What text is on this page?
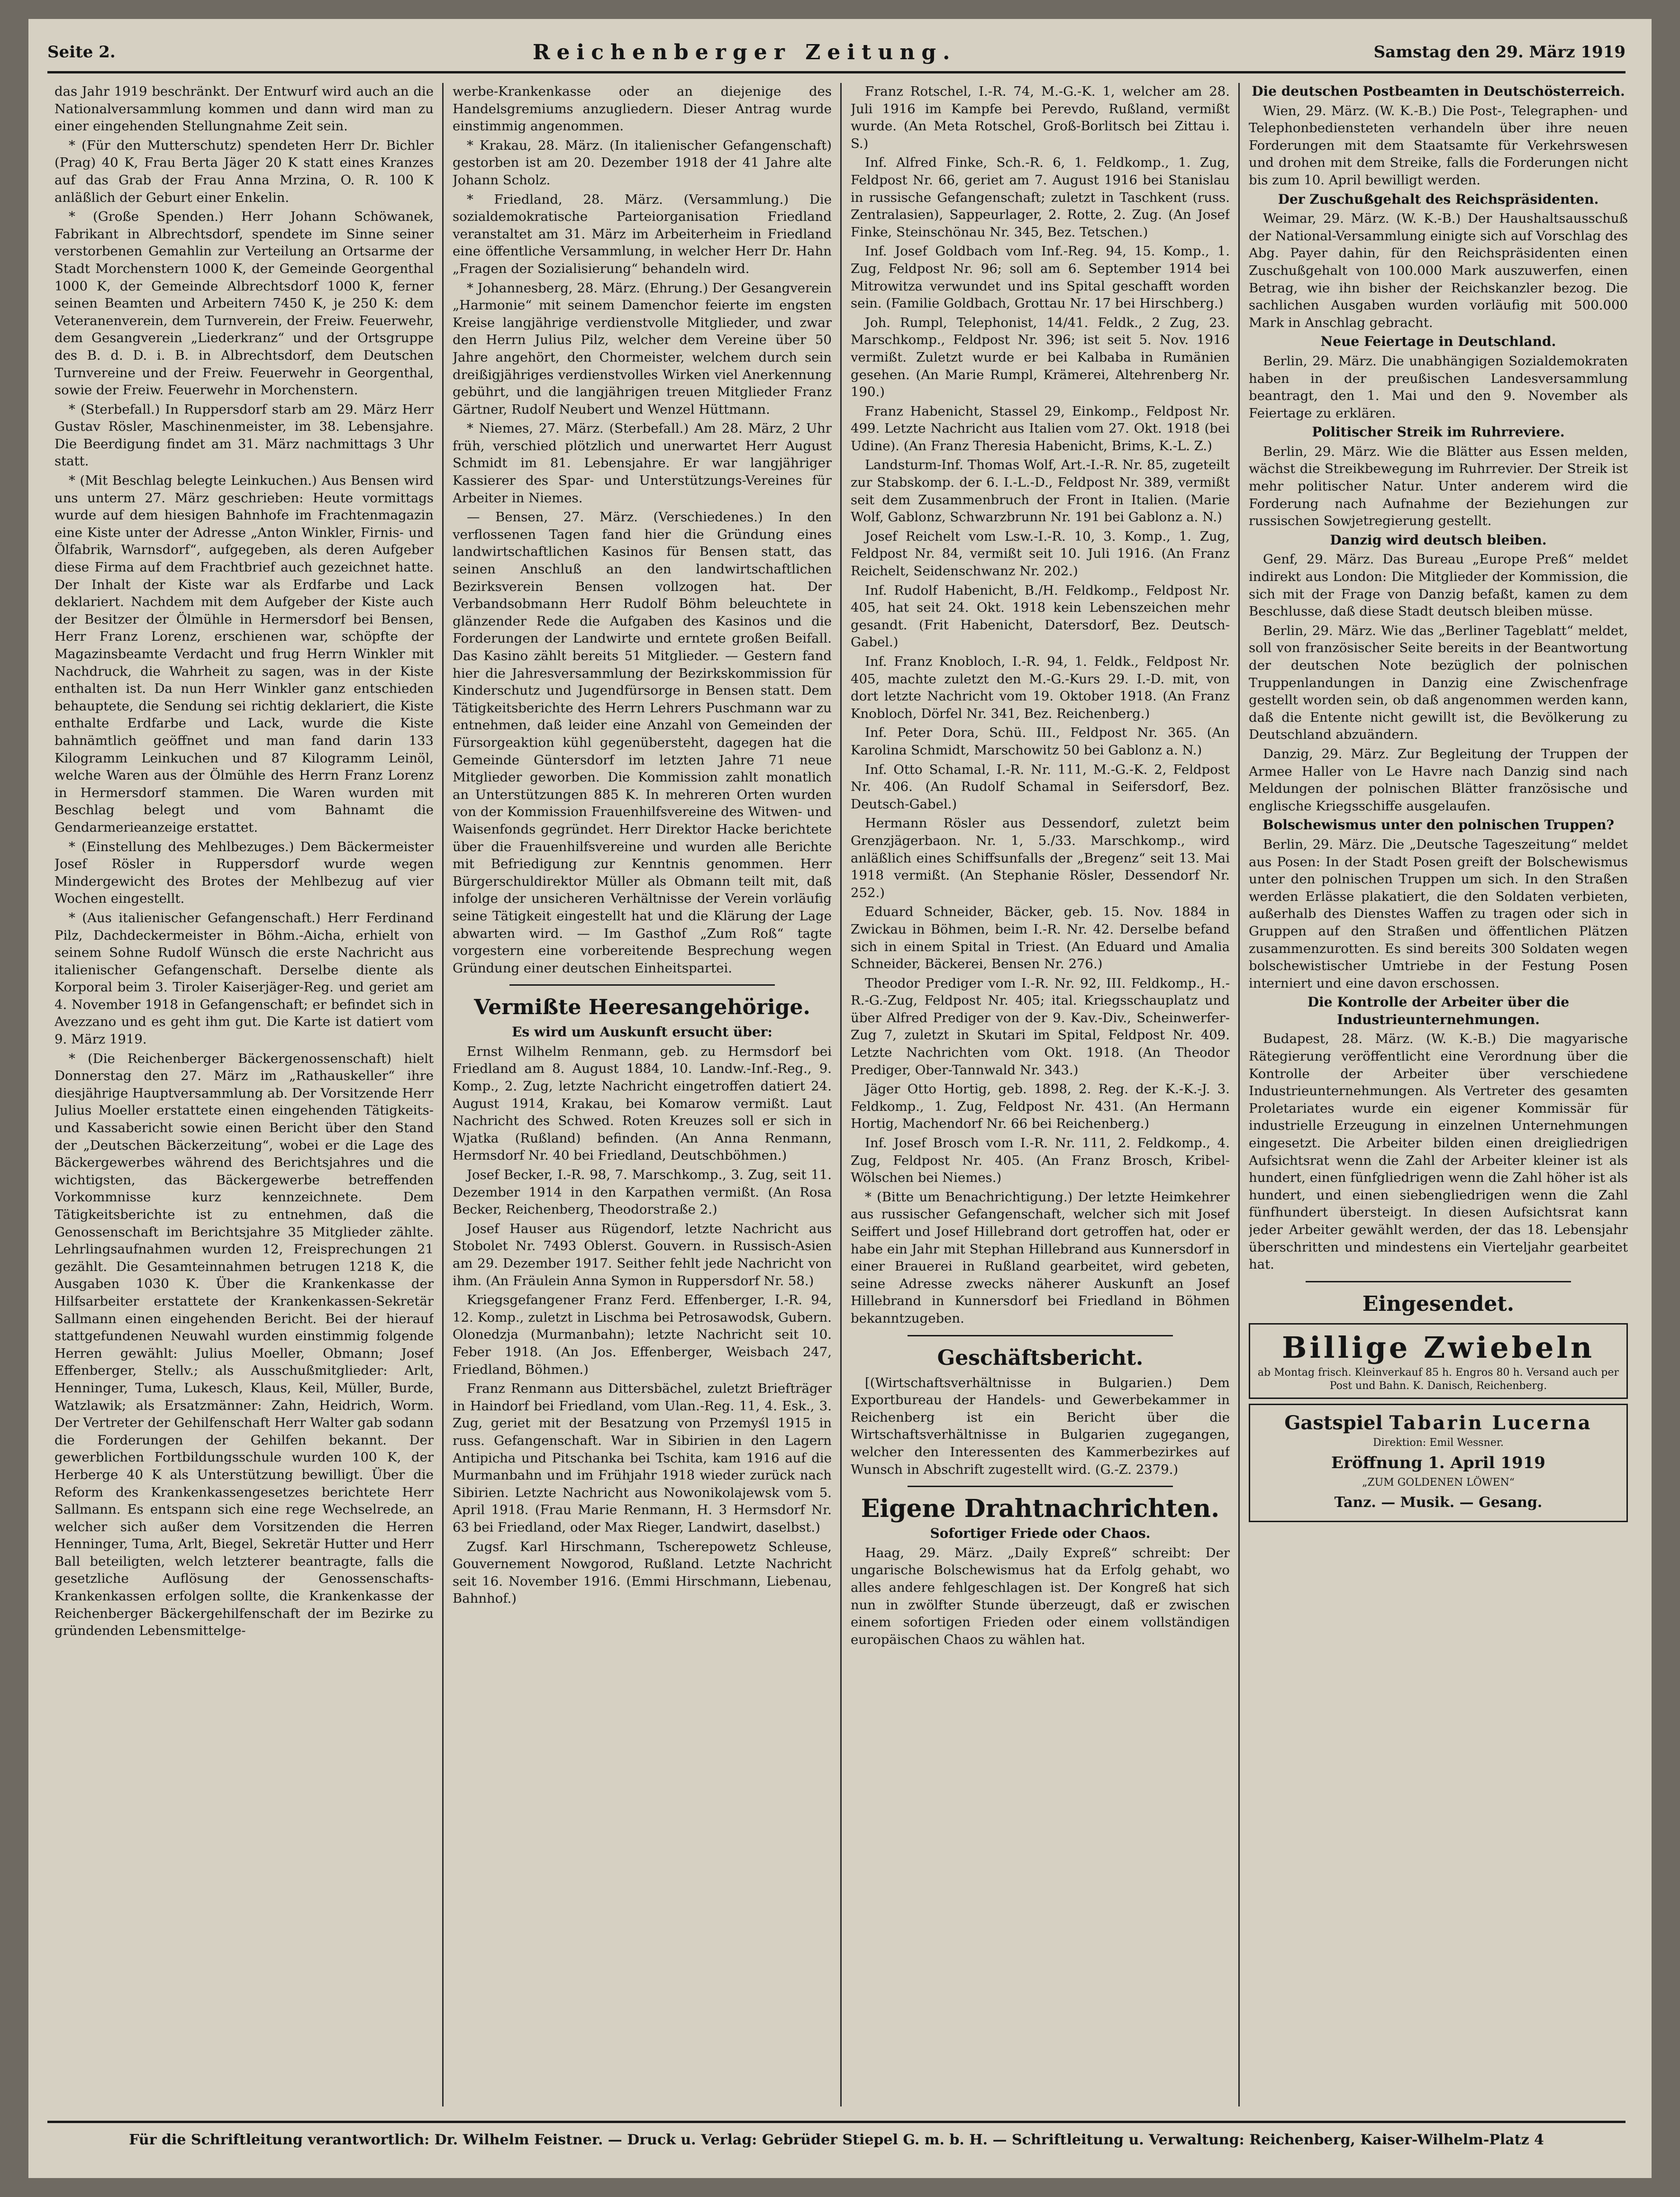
Seite 2.	Reichenberger Zeitung.	Samstag den 29. März 1919

das Jahr 1919 beschränkt. Der Entwurf wird auch an die Nationalversammlung kommen und dann wird man zu einer eingehenden Stellungnahme Zeit sein.

* (Für den Mutterschutz) spendeten Herr Dr. Bichler (Prag) 40 K, Frau Berta Jäger 20 K statt eines Kranzes auf das Grab der Frau Anna Mrzina, O. R. 100 K anläßlich der Geburt einer Enkelin.

* (Große Spenden.) Herr Johann Schöwanek, Fabrikant in Albrechtsdorf, spendete im Sinne seiner verstorbenen Gemahlin zur Verteilung an Ortsarme der Stadt Morchenstern 1000 K, der Gemeinde Georgenthal 1000 K, der Gemeinde Albrechtsdorf 1000 K, ferner seinen Beamten und Arbeitern 7450 K, je 250 K: dem Veteranenverein, dem Turnverein, der Freiw. Feuerwehr, dem Gesangverein „Liederkranz“ und der Ortsgruppe des B. d. D. i. B. in Albrechtsdorf, dem Deutschen Turnvereine und der Freiw. Feuerwehr in Georgenthal, sowie der Freiw. Feuerwehr in Morchenstern.

* (Sterbefall.) In Ruppersdorf starb am 29. März Herr Gustav Rösler, Maschinenmeister, im 38. Lebensjahre. Die Beerdigung findet am 31. März nachmittags 3 Uhr statt.

* (Mit Beschlag belegte Leinkuchen.) Aus Bensen wird uns unterm 27. März geschrieben: Heute vormittags wurde auf dem hiesigen Bahnhofe im Frachtenmagazin eine Kiste unter der Adresse „Anton Winkler, Firnis- und Ölfabrik, Warnsdorf“, aufgegeben, als deren Aufgeber diese Firma auf dem Frachtbrief auch gezeichnet hatte. Der Inhalt der Kiste war als Erdfarbe und Lack deklariert. Nachdem mit dem Aufgeber der Kiste auch der Besitzer der Ölmühle in Hermersdorf bei Bensen, Herr Franz Lorenz, erschienen war, schöpfte der Magazinsbeamte Verdacht und frug Herrn Winkler mit Nachdruck, die Wahrheit zu sagen, was in der Kiste enthalten ist. Da nun Herr Winkler ganz entschieden behauptete, die Sendung sei richtig deklariert, die Kiste enthalte Erdfarbe und Lack, wurde die Kiste bahnämtlich geöffnet und man fand darin 133 Kilogramm Leinkuchen und 87 Kilogramm Leinöl, welche Waren aus der Ölmühle des Herrn Franz Lorenz in Hermersdorf stammen. Die Waren wurden mit Beschlag belegt und vom Bahnamt die Gendarmerieanzeige erstattet.

* (Einstellung des Mehlbezuges.) Dem Bäckermeister Josef Rösler in Ruppersdorf wurde wegen Mindergewicht des Brotes der Mehlbezug auf vier Wochen eingestellt.

* (Aus italienischer Gefangenschaft.) Herr Ferdinand Pilz, Dachdeckermeister in Böhm.-Aicha, erhielt von seinem Sohne Rudolf Wünsch die erste Nachricht aus italienischer Gefangenschaft. Derselbe diente als Korporal beim 3. Tiroler Kaiserjäger-Reg. und geriet am 4. November 1918 in Gefangenschaft; er befindet sich in Avezzano und es geht ihm gut. Die Karte ist datiert vom 9. März 1919.

* (Die Reichenberger Bäckergenossenschaft) hielt Donnerstag den 27. März im „Rathauskeller“ ihre diesjährige Hauptversammlung ab. Der Vorsitzende Herr Julius Moeller erstattete einen eingehenden Tätigkeits- und Kassabericht sowie einen Bericht über den Stand der „Deutschen Bäckerzeitung“, wobei er die Lage des Bäckergewerbes während des Berichtsjahres und die wichtigsten, das Bäckergewerbe betreffenden Vorkommnisse kurz kennzeichnete. Dem Tätigkeitsberichte ist zu entnehmen, daß die Genossenschaft im Berichtsjahre 35 Mitglieder zählte. Lehrlingsaufnahmen wurden 12, Freisprechungen 21 gezählt. Die Gesamteinnahmen betrugen 1218 K, die Ausgaben 1030 K. Über die Krankenkasse der Hilfsarbeiter erstattete der Krankenkassen-Sekretär Sallmann einen eingehenden Bericht. Bei der hierauf stattgefundenen Neuwahl wurden einstimmig folgende Herren gewählt: Julius Moeller, Obmann; Josef Effenberger, Stellv.; als Ausschußmitglieder: Arlt, Henninger, Tuma, Lukesch, Klaus, Keil, Müller, Burde, Watzlawik; als Ersatzmänner: Zahn, Heidrich, Worm. Der Vertreter der Gehilfenschaft Herr Walter gab sodann die Forderungen der Gehilfen bekannt. Der gewerblichen Fortbildungsschule wurden 100 K, der Herberge 40 K als Unterstützung bewilligt. Über die Reform des Krankenkassengesetzes berichtete Herr Sallmann. Es entspann sich eine rege Wechselrede, an welcher sich außer dem Vorsitzenden die Herren Henninger, Tuma, Arlt, Biegel, Sekretär Hutter und Herr Ball beteiligten, welch letzterer beantragte, falls die gesetzliche Auflösung der Genossenschafts-Krankenkassen erfolgen sollte, die Krankenkasse der Reichenberger Bäckergehilfenschaft der im Bezirke zu gründenden Lebensmittelge-

werbe-Krankenkasse oder an diejenige des Handelsgremiums anzugliedern. Dieser Antrag wurde einstimmig angenommen.

* Krakau, 28. März. (In italienischer Gefangenschaft) gestorben ist am 20. Dezember 1918 der 41 Jahre alte Johann Scholz.

* Friedland, 28. März. (Versammlung.) Die sozialdemokratische Parteiorganisation Friedland veranstaltet am 31. März im Arbeiterheim in Friedland eine öffentliche Versammlung, in welcher Herr Dr. Hahn „Fragen der Sozialisierung“ behandeln wird.

* Johannesberg, 28. März. (Ehrung.) Der Gesangverein „Harmonie“ mit seinem Damenchor feierte im engsten Kreise langjährige verdienstvolle Mitglieder, und zwar den Herrn Julius Pilz, welcher dem Vereine über 50 Jahre angehört, den Chormeister, welchem durch sein dreißigjähriges verdienstvolles Wirken viel Anerkennung gebührt, und die langjährigen treuen Mitglieder Franz Gärtner, Rudolf Neubert und Wenzel Hüttmann.

* Niemes, 27. März. (Sterbefall.) Am 28. März, 2 Uhr früh, verschied plötzlich und unerwartet Herr August Schmidt im 81. Lebensjahre. Er war langjähriger Kassierer des Spar- und Unterstützungs-Vereines für Arbeiter in Niemes.

— Bensen, 27. März. (Verschiedenes.) In den verflossenen Tagen fand hier die Gründung eines landwirtschaftlichen Kasinos für Bensen statt, das seinen Anschluß an den landwirtschaftlichen Bezirksverein Bensen vollzogen hat. Der Verbandsobmann Herr Rudolf Böhm beleuchtete in glänzender Rede die Aufgaben des Kasinos und die Forderungen der Landwirte und erntete großen Beifall. Das Kasino zählt bereits 51 Mitglieder. — Gestern fand hier die Jahresversammlung der Bezirkskommission für Kinderschutz und Jugendfürsorge in Bensen statt. Dem Tätigkeitsberichte des Herrn Lehrers Puschmann war zu entnehmen, daß leider eine Anzahl von Gemeinden der Fürsorgeaktion kühl gegenübersteht, dagegen hat die Gemeinde Güntersdorf im letzten Jahre 71 neue Mitglieder geworben. Die Kommission zahlt monatlich an Unterstützungen 885 K. In mehreren Orten wurden von der Kommission Frauenhilfsvereine des Witwen- und Waisenfonds gegründet. Herr Direktor Hacke berichtete über die Frauenhilfsvereine und wurden alle Berichte mit Befriedigung zur Kenntnis genommen. Herr Bürgerschuldirektor Müller als Obmann teilt mit, daß infolge der unsicheren Verhältnisse der Verein vorläufig seine Tätigkeit eingestellt hat und die Klärung der Lage abwarten wird. — Im Gasthof „Zum Roß“ tagte vorgestern eine vorbereitende Besprechung wegen Gründung einer deutschen Einheitspartei.

Vermißte Heeresangehörige.

Es wird um Auskunft ersucht über:

Ernst Wilhelm Renmann, geb. zu Hermsdorf bei Friedland am 8. August 1884, 10. Landw.-Inf.-Reg., 9. Komp., 2. Zug, letzte Nachricht eingetroffen datiert 24. August 1914, Krakau, bei Komarow vermißt. Laut Nachricht des Schwed. Roten Kreuzes soll er sich in Wjatka (Rußland) befinden. (An Anna Renmann, Hermsdorf Nr. 40 bei Friedland, Deutschböhmen.)

Josef Becker, I.-R. 98, 7. Marschkomp., 3. Zug, seit 11. Dezember 1914 in den Karpathen vermißt. (An Rosa Becker, Reichenberg, Theodorstraße 2.)

Josef Hauser aus Rügendorf, letzte Nachricht aus Stobolet Nr. 7493 Oblerst. Gouvern. in Russisch-Asien am 29. Dezember 1917. Seither fehlt jede Nachricht von ihm. (An Fräulein Anna Symon in Ruppersdorf Nr. 58.)

Kriegsgefangener Franz Ferd. Effenberger, I.-R. 94, 12. Komp., zuletzt in Lischma bei Petrosawodsk, Gubern. Olonedzja (Murmanbahn); letzte Nachricht seit 10. Feber 1918. (An Jos. Effenberger, Weisbach 247, Friedland, Böhmen.)

Franz Renmann aus Dittersbächel, zuletzt Briefträger in Haindorf bei Friedland, vom Ulan.-Reg. 11, 4. Esk., 3. Zug, geriet mit der Besatzung von Przemyśl 1915 in russ. Gefangenschaft. War in Sibirien in den Lagern Antipicha und Pitschanka bei Tschita, kam 1916 auf die Murmanbahn und im Frühjahr 1918 wieder zurück nach Sibirien. Letzte Nachricht aus Nowonikolajewsk vom 5. April 1918. (Frau Marie Renmann, H. 3 Hermsdorf Nr. 63 bei Friedland, oder Max Rieger, Landwirt, daselbst.)

Zugsf. Karl Hirschmann, Tscherepowetz Schleuse, Gouvernement Nowgorod, Rußland. Letzte Nachricht seit 16. November 1916. (Emmi Hirschmann, Liebenau, Bahnhof.)

Franz Rotschel, I.-R. 74, M.-G.-K. 1, welcher am 28. Juli 1916 im Kampfe bei Perevdo, Rußland, vermißt wurde. (An Meta Rotschel, Groß-Borlitsch bei Zittau i. S.)

Inf. Alfred Finke, Sch.-R. 6, 1. Feldkomp., 1. Zug, Feldpost Nr. 66, geriet am 7. August 1916 bei Stanislau in russische Gefangenschaft; zuletzt in Taschkent (russ. Zentralasien), Sappeurlager, 2. Rotte, 2. Zug. (An Josef Finke, Steinschönau Nr. 345, Bez. Tetschen.)

Inf. Josef Goldbach vom Inf.-Reg. 94, 15. Komp., 1. Zug, Feldpost Nr. 96; soll am 6. September 1914 bei Mitrowitza verwundet und ins Spital geschafft worden sein. (Familie Goldbach, Grottau Nr. 17 bei Hirschberg.)

Joh. Rumpl, Telephonist, 14/41. Feldk., 2 Zug, 23. Marschkomp., Feldpost Nr. 396; ist seit 5. Nov. 1916 vermißt. Zuletzt wurde er bei Kalbaba in Rumänien gesehen. (An Marie Rumpl, Krämerei, Altehrenberg Nr. 190.)

Franz Habenicht, Stassel 29, Einkomp., Feldpost Nr. 499. Letzte Nachricht aus Italien vom 27. Okt. 1918 (bei Udine). (An Franz Theresia Habenicht, Brims, K.-L. Z.)

Landsturm-Inf. Thomas Wolf, Art.-I.-R. Nr. 85, zugeteilt zur Stabskomp. der 6. I.-L.-D., Feldpost Nr. 389, vermißt seit dem Zusammenbruch der Front in Italien. (Marie Wolf, Gablonz, Schwarzbrunn Nr. 191 bei Gablonz a. N.)

Josef Reichelt vom Lsw.-I.-R. 10, 3. Komp., 1. Zug, Feldpost Nr. 84, vermißt seit 10. Juli 1916. (An Franz Reichelt, Seidenschwanz Nr. 202.)

Inf. Rudolf Habenicht, B./H. Feldkomp., Feldpost Nr. 405, hat seit 24. Okt. 1918 kein Lebenszeichen mehr gesandt. (Frit Habenicht, Datersdorf, Bez. Deutsch-Gabel.)

Inf. Franz Knobloch, I.-R. 94, 1. Feldk., Feldpost Nr. 405, machte zuletzt den M.-G.-Kurs 29. I.-D. mit, von dort letzte Nachricht vom 19. Oktober 1918. (An Franz Knobloch, Dörfel Nr. 341, Bez. Reichenberg.)

Inf. Peter Dora, Schü. III., Feldpost Nr. 365. (An Karolina Schmidt, Marschowitz 50 bei Gablonz a. N.)

Inf. Otto Schamal, I.-R. Nr. 111, M.-G.-K. 2, Feldpost Nr. 406. (An Rudolf Schamal in Seifersdorf, Bez. Deutsch-Gabel.)

Hermann Rösler aus Dessendorf, zuletzt beim Grenzjägerbaon. Nr. 1, 5./33. Marschkomp., wird anläßlich eines Schiffsunfalls der „Bregenz“ seit 13. Mai 1918 vermißt. (An Stephanie Rösler, Dessendorf Nr. 252.)

Eduard Schneider, Bäcker, geb. 15. Nov. 1884 in Zwickau in Böhmen, beim I.-R. Nr. 42. Derselbe befand sich in einem Spital in Triest. (An Eduard und Amalia Schneider, Bäckerei, Bensen Nr. 276.)

Theodor Prediger vom I.-R. Nr. 92, III. Feldkomp., H.-R.-G.-Zug, Feldpost Nr. 405; ital. Kriegsschauplatz und über Alfred Prediger von der 9. Kav.-Div., Scheinwerfer-Zug 7, zuletzt in Skutari im Spital, Feldpost Nr. 409. Letzte Nachrichten vom Okt. 1918. (An Theodor Prediger, Ober-Tannwald Nr. 343.)

Jäger Otto Hortig, geb. 1898, 2. Reg. der K.-K.-J. 3. Feldkomp., 1. Zug, Feldpost Nr. 431. (An Hermann Hortig, Machendorf Nr. 66 bei Reichenberg.)

Inf. Josef Brosch vom I.-R. Nr. 111, 2. Feldkomp., 4. Zug, Feldpost Nr. 405. (An Franz Brosch, Kribel-Wölschen bei Niemes.)

* (Bitte um Benachrichtigung.) Der letzte Heimkehrer aus russischer Gefangenschaft, welcher sich mit Josef Seiffert und Josef Hillebrand dort getroffen hat, oder er habe ein Jahr mit Stephan Hillebrand aus Kunnersdorf in einer Brauerei in Rußland gearbeitet, wird gebeten, seine Adresse zwecks näherer Auskunft an Josef Hillebrand in Kunnersdorf bei Friedland in Böhmen bekanntzugeben.

Geschäftsbericht.

[(Wirtschaftsverhältnisse in Bulgarien.) Dem Exportbureau der Handels- und Gewerbekammer in Reichenberg ist ein Bericht über die Wirtschaftsverhältnisse in Bulgarien zugegangen, welcher den Interessenten des Kammerbezirkes auf Wunsch in Abschrift zugestellt wird. (G.-Z. 2379.)

Eigene Drahtnachrichten.

Sofortiger Friede oder Chaos.

Haag, 29. März. „Daily Expreß“ schreibt: Der ungarische Bolschewismus hat da Erfolg gehabt, wo alles andere fehlgeschlagen ist. Der Kongreß hat sich nun in zwölfter Stunde überzeugt, daß er zwischen einem sofortigen Frieden oder einem vollständigen europäischen Chaos zu wählen hat.

Die deutschen Postbeamten in Deutschösterreich.

Wien, 29. März. (W. K.-B.) Die Post-, Telegraphen- und Telephonbediensteten verhandeln über ihre neuen Forderungen mit dem Staatsamte für Verkehrswesen und drohen mit dem Streike, falls die Forderungen nicht bis zum 10. April bewilligt werden.

Der Zuschußgehalt des Reichspräsidenten.

Weimar, 29. März. (W. K.-B.) Der Haushaltsausschuß der National-Versammlung einigte sich auf Vorschlag des Abg. Payer dahin, für den Reichspräsidenten einen Zuschußgehalt von 100.000 Mark auszuwerfen, einen Betrag, wie ihn bisher der Reichskanzler bezog. Die sachlichen Ausgaben wurden vorläufig mit 500.000 Mark in Anschlag gebracht.

Neue Feiertage in Deutschland.

Berlin, 29. März. Die unabhängigen Sozialdemokraten haben in der preußischen Landesversammlung beantragt, den 1. Mai und den 9. November als Feiertage zu erklären.

Politischer Streik im Ruhrreviere.

Berlin, 29. März. Wie die Blätter aus Essen melden, wächst die Streikbewegung im Ruhrrevier. Der Streik ist mehr politischer Natur. Unter anderem wird die Forderung nach Aufnahme der Beziehungen zur russischen Sowjetregierung gestellt.

Danzig wird deutsch bleiben.

Genf, 29. März. Das Bureau „Europe Preß“ meldet indirekt aus London: Die Mitglieder der Kommission, die sich mit der Frage von Danzig befaßt, kamen zu dem Beschlusse, daß diese Stadt deutsch bleiben müsse.

Berlin, 29. März. Wie das „Berliner Tageblatt“ meldet, soll von französischer Seite bereits in der Beantwortung der deutschen Note bezüglich der polnischen Truppenlandungen in Danzig eine Zwischenfrage gestellt worden sein, ob daß angenommen werden kann, daß die Entente nicht gewillt ist, die Bevölkerung zu Deutschland abzuändern.

Danzig, 29. März. Zur Begleitung der Truppen der Armee Haller von Le Havre nach Danzig sind nach Meldungen der polnischen Blätter französische und englische Kriegsschiffe ausgelaufen.

Bolschewismus unter den polnischen Truppen?

Berlin, 29. März. Die „Deutsche Tageszeitung“ meldet aus Posen: In der Stadt Posen greift der Bolschewismus unter den polnischen Truppen um sich. In den Straßen werden Erlässe plakatiert, die den Soldaten verbieten, außerhalb des Dienstes Waffen zu tragen oder sich in Gruppen auf den Straßen und öffentlichen Plätzen zusammenzurotten. Es sind bereits 300 Soldaten wegen bolschewistischer Umtriebe in der Festung Posen interniert und eine davon erschossen.

Die Kontrolle der Arbeiter über die Industrieunternehmungen.

Budapest, 28. März. (W. K.-B.) Die magyarische Rätegierung veröffentlicht eine Verordnung über die Kontrolle der Arbeiter über verschiedene Industrieunternehmungen. Als Vertreter des gesamten Proletariates wurde ein eigener Kommissär für industrielle Erzeugung in einzelnen Unternehmungen eingesetzt. Die Arbeiter bilden einen dreigliedrigen Aufsichtsrat wenn die Zahl der Arbeiter kleiner ist als hundert, einen fünfgliedrigen wenn die Zahl höher ist als hundert, und einen siebengliedrigen wenn die Zahl fünfhundert übersteigt. In diesen Aufsichtsrat kann jeder Arbeiter gewählt werden, der das 18. Lebensjahr überschritten und mindestens ein Vierteljahr gearbeitet hat.

Eingesendet.

Billige Zwiebeln
ab Montag frisch. Kleinverkauf 85 h. Engros 80 h. Versand auch per Post und Bahn. K. Danisch, Reichenberg.
Gastspiel Tabarin Lucerna
Direktion: Emil Wessner.
Eröffnung 1. April 1919
„ZUM GOLDENEN LÖWEN“
Tanz. — Musik. — Gesang.
Für die Schriftleitung verantwortlich: Dr. Wilhelm Feistner. — Druck u. Verlag: Gebrüder Stiepel G. m. b. H. — Schriftleitung u. Verwaltung: Reichenberg, Kaiser-Wilhelm-Platz 4
